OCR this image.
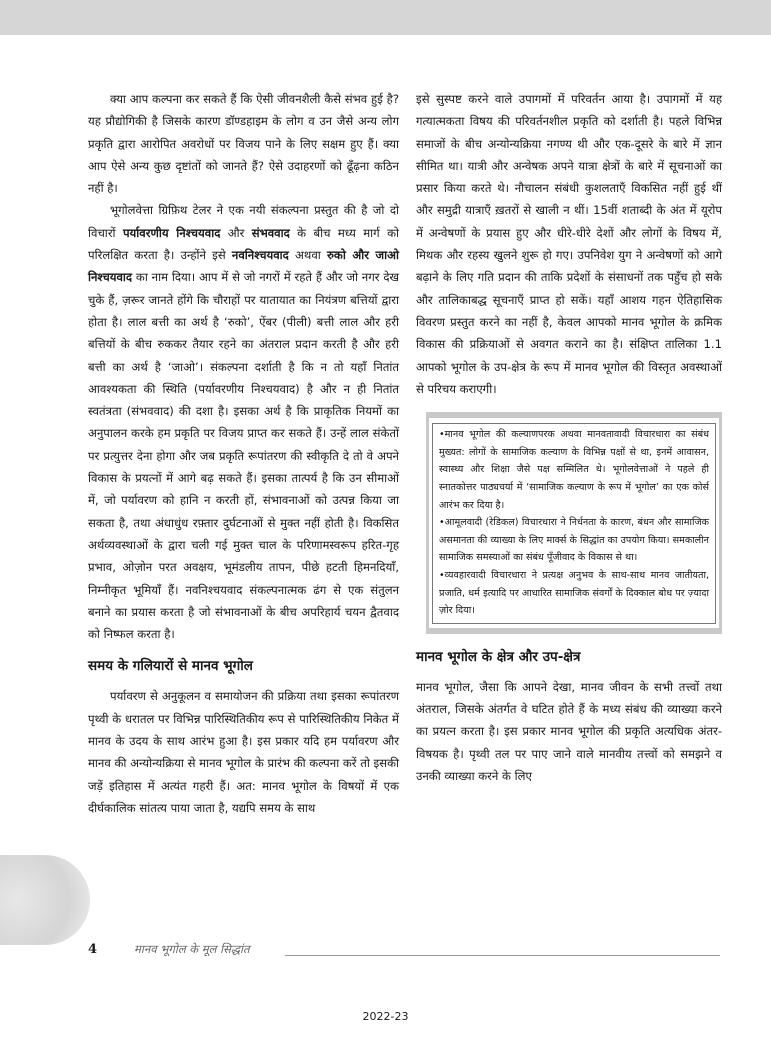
क्या आप कल्पना कर सकते हैं कि ऐसी जीवनशैली कैसे संभव हुई है? यह प्रौद्योगिकी है जिसके कारण डॉण्डहाइम के लोग व उन जैसे अन्य लोग प्रकृति द्वारा आरोपित अवरोधों पर विजय पाने के लिए सक्षम हुए हैं। क्या आप ऐसे अन्य कुछ दृष्टांतों को जानते हैं? ऐसे उदाहरणों को ढूँढ़ना कठिन नहीं है।

भूगोलवेत्ता ग्रिफ़िथ टेलर ने एक नयी संकल्पना प्रस्तुत की है जो दो विचारों पर्यावरणीय निश्चयवाद और संभववाद के बीच मध्य मार्ग को परिलक्षित करता है। उन्होंने इसे नवनिश्चयवाद अथवा रुको और जाओ निश्चयवाद का नाम दिया। आप में से जो नगरों में रहते हैं और जो नगर देख चुके हैं, ज़रूर जानते होंगे कि चौराहों पर यातायात का नियंत्रण बत्तियों द्वारा होता है। लाल बत्ती का अर्थ है ‘रुको’, ऐंबर (पीली) बत्ती लाल और हरी बत्तियों के बीच रुककर तैयार रहने का अंतराल प्रदान करती है और हरी बत्ती का अर्थ है ‘जाओ’। संकल्पना दर्शाती है कि न तो यहाँ नितांत आवश्यकता की स्थिति (पर्यावरणीय निश्चयवाद) है और न ही नितांत स्वतंत्रता (संभववाद) की दशा है। इसका अर्थ है कि प्राकृतिक नियमों का अनुपालन करके हम प्रकृति पर विजय प्राप्त कर सकते हैं। उन्हें लाल संकेतों पर प्रत्युत्तर देना होगा और जब प्रकृति रूपांतरण की स्वीकृति दे तो वे अपने विकास के प्रयत्नों में आगे बढ़ सकते हैं। इसका तात्पर्य है कि उन सीमाओं में, जो पर्यावरण को हानि न करती हों, संभावनाओं को उत्पन्न किया जा सकता है, तथा अंधाधुंध रफ़्तार दुर्घटनाओं से मुक्त नहीं होती है। विकसित अर्थव्यवस्थाओं के द्वारा चली गई मुक्त चाल के परिणामस्वरूप हरित-गृह प्रभाव, ओज़ोन परत अवक्षय, भूमंडलीय तापन, पीछे हटती हिमनदियाँ, निम्नीकृत भूमियाँ हैं। नवनिश्चयवाद संकल्पनात्मक ढंग से एक संतुलन बनाने का प्रयास करता है जो संभावनाओं के बीच अपरिहार्य चयन द्वैतवाद को निष्फल करता है।

समय के गलियारों से मानव भूगोल

पर्यावरण से अनुकूलन व समायोजन की प्रक्रिया तथा इसका रूपांतरण पृथ्वी के धरातल पर विभिन्न पारिस्थितिकीय रूप से पारिस्थितिकीय निकेत में मानव के उदय के साथ आरंभ हुआ है। इस प्रकार यदि हम पर्यावरण और मानव की अन्योन्यक्रिया से मानव भूगोल के प्रारंभ की कल्पना करें तो इसकी जड़ें इतिहास में अत्यंत गहरी हैं। अत: मानव भूगोल के विषयों में एक दीर्घकालिक सांतत्य पाया जाता है, यद्यपि समय के साथ

इसे सुस्पष्ट करने वाले उपागमों में परिवर्तन आया है। उपागमों में यह गत्यात्मकता विषय की परिवर्तनशील प्रकृति को दर्शाती है। पहले विभिन्न समाजों के बीच अन्योन्यक्रिया नगण्य थी और एक-दूसरे के बारे में ज्ञान सीमित था। यात्री और अन्वेषक अपने यात्रा क्षेत्रों के बारे में सूचनाओं का प्रसार किया करते थे। नौचालन संबंधी कुशलताएँ विकसित नहीं हुई थीं और समुद्री यात्राएँ ख़तरों से खाली न थीं। 15वीं शताब्दी के अंत में यूरोप में अन्वेषणों के प्रयास हुए और धीरे-धीरे देशों और लोगों के विषय में, मिथक और रहस्य खुलने शुरू हो गए। उपनिवेश युग ने अन्वेषणों को आगे बढ़ाने के लिए गति प्रदान की ताकि प्रदेशों के संसाधनों तक पहुँच हो सके और तालिकाबद्ध सूचनाएँ प्राप्त हो सकें। यहाँ आशय गहन ऐतिहासिक विवरण प्रस्तुत करने का नहीं है, केवल आपको मानव भूगोल के क्रमिक विकास की प्रक्रियाओं से अवगत कराने का है। संक्षिप्त तालिका 1.1 आपको भूगोल के उप-क्षेत्र के रूप में मानव भूगोल की विस्तृत अवस्थाओं से परिचय कराएगी।

• मानव भूगोल की कल्याणपरक अथवा मानवतावादी विचारधारा का संबंध मुख्यत: लोगों के सामाजिक कल्याण के विभिन्न पक्षों से था, इनमें आवासन, स्वास्थ्य और शिक्षा जैसे पक्ष सम्मिलित थे। भूगोलवेत्ताओं ने पहले ही स्नातकोत्तर पाठ्यचर्या में ‘सामाजिक कल्याण के रूप में भूगोल’ का एक कोर्स आरंभ कर दिया है।

• आमूलवादी (रेडिकल) विचारधारा ने निर्धनता के कारण, बंधन और सामाजिक असमानता की व्याख्या के लिए मार्क्स के सिद्धांत का उपयोग किया। समकालीन सामाजिक समस्याओं का संबंध पूँजीवाद के विकास से था।

• व्यवहारवादी विचारधारा ने प्रत्यक्ष अनुभव के साथ-साथ मानव जातीयता, प्रजाति, धर्म इत्यादि पर आधारित सामाजिक संवर्गों के दिक्काल बोध पर ज़्यादा ज़ोर दिया।

मानव भूगोल के क्षेत्र और उप-क्षेत्र

मानव भूगोल, जैसा कि आपने देखा, मानव जीवन के सभी तत्त्वों तथा अंतराल, जिसके अंतर्गत वे घटित होते हैं के मध्य संबंध की व्याख्या करने का प्रयत्न करता है। इस प्रकार मानव भूगोल की प्रकृति अत्यधिक अंतर-विषयक है। पृथ्वी तल पर पाए जाने वाले मानवीय तत्त्वों को समझने व उनकी व्याख्या करने के लिए

4	मानव भूगोल के मूल सिद्धांत
2022-23
